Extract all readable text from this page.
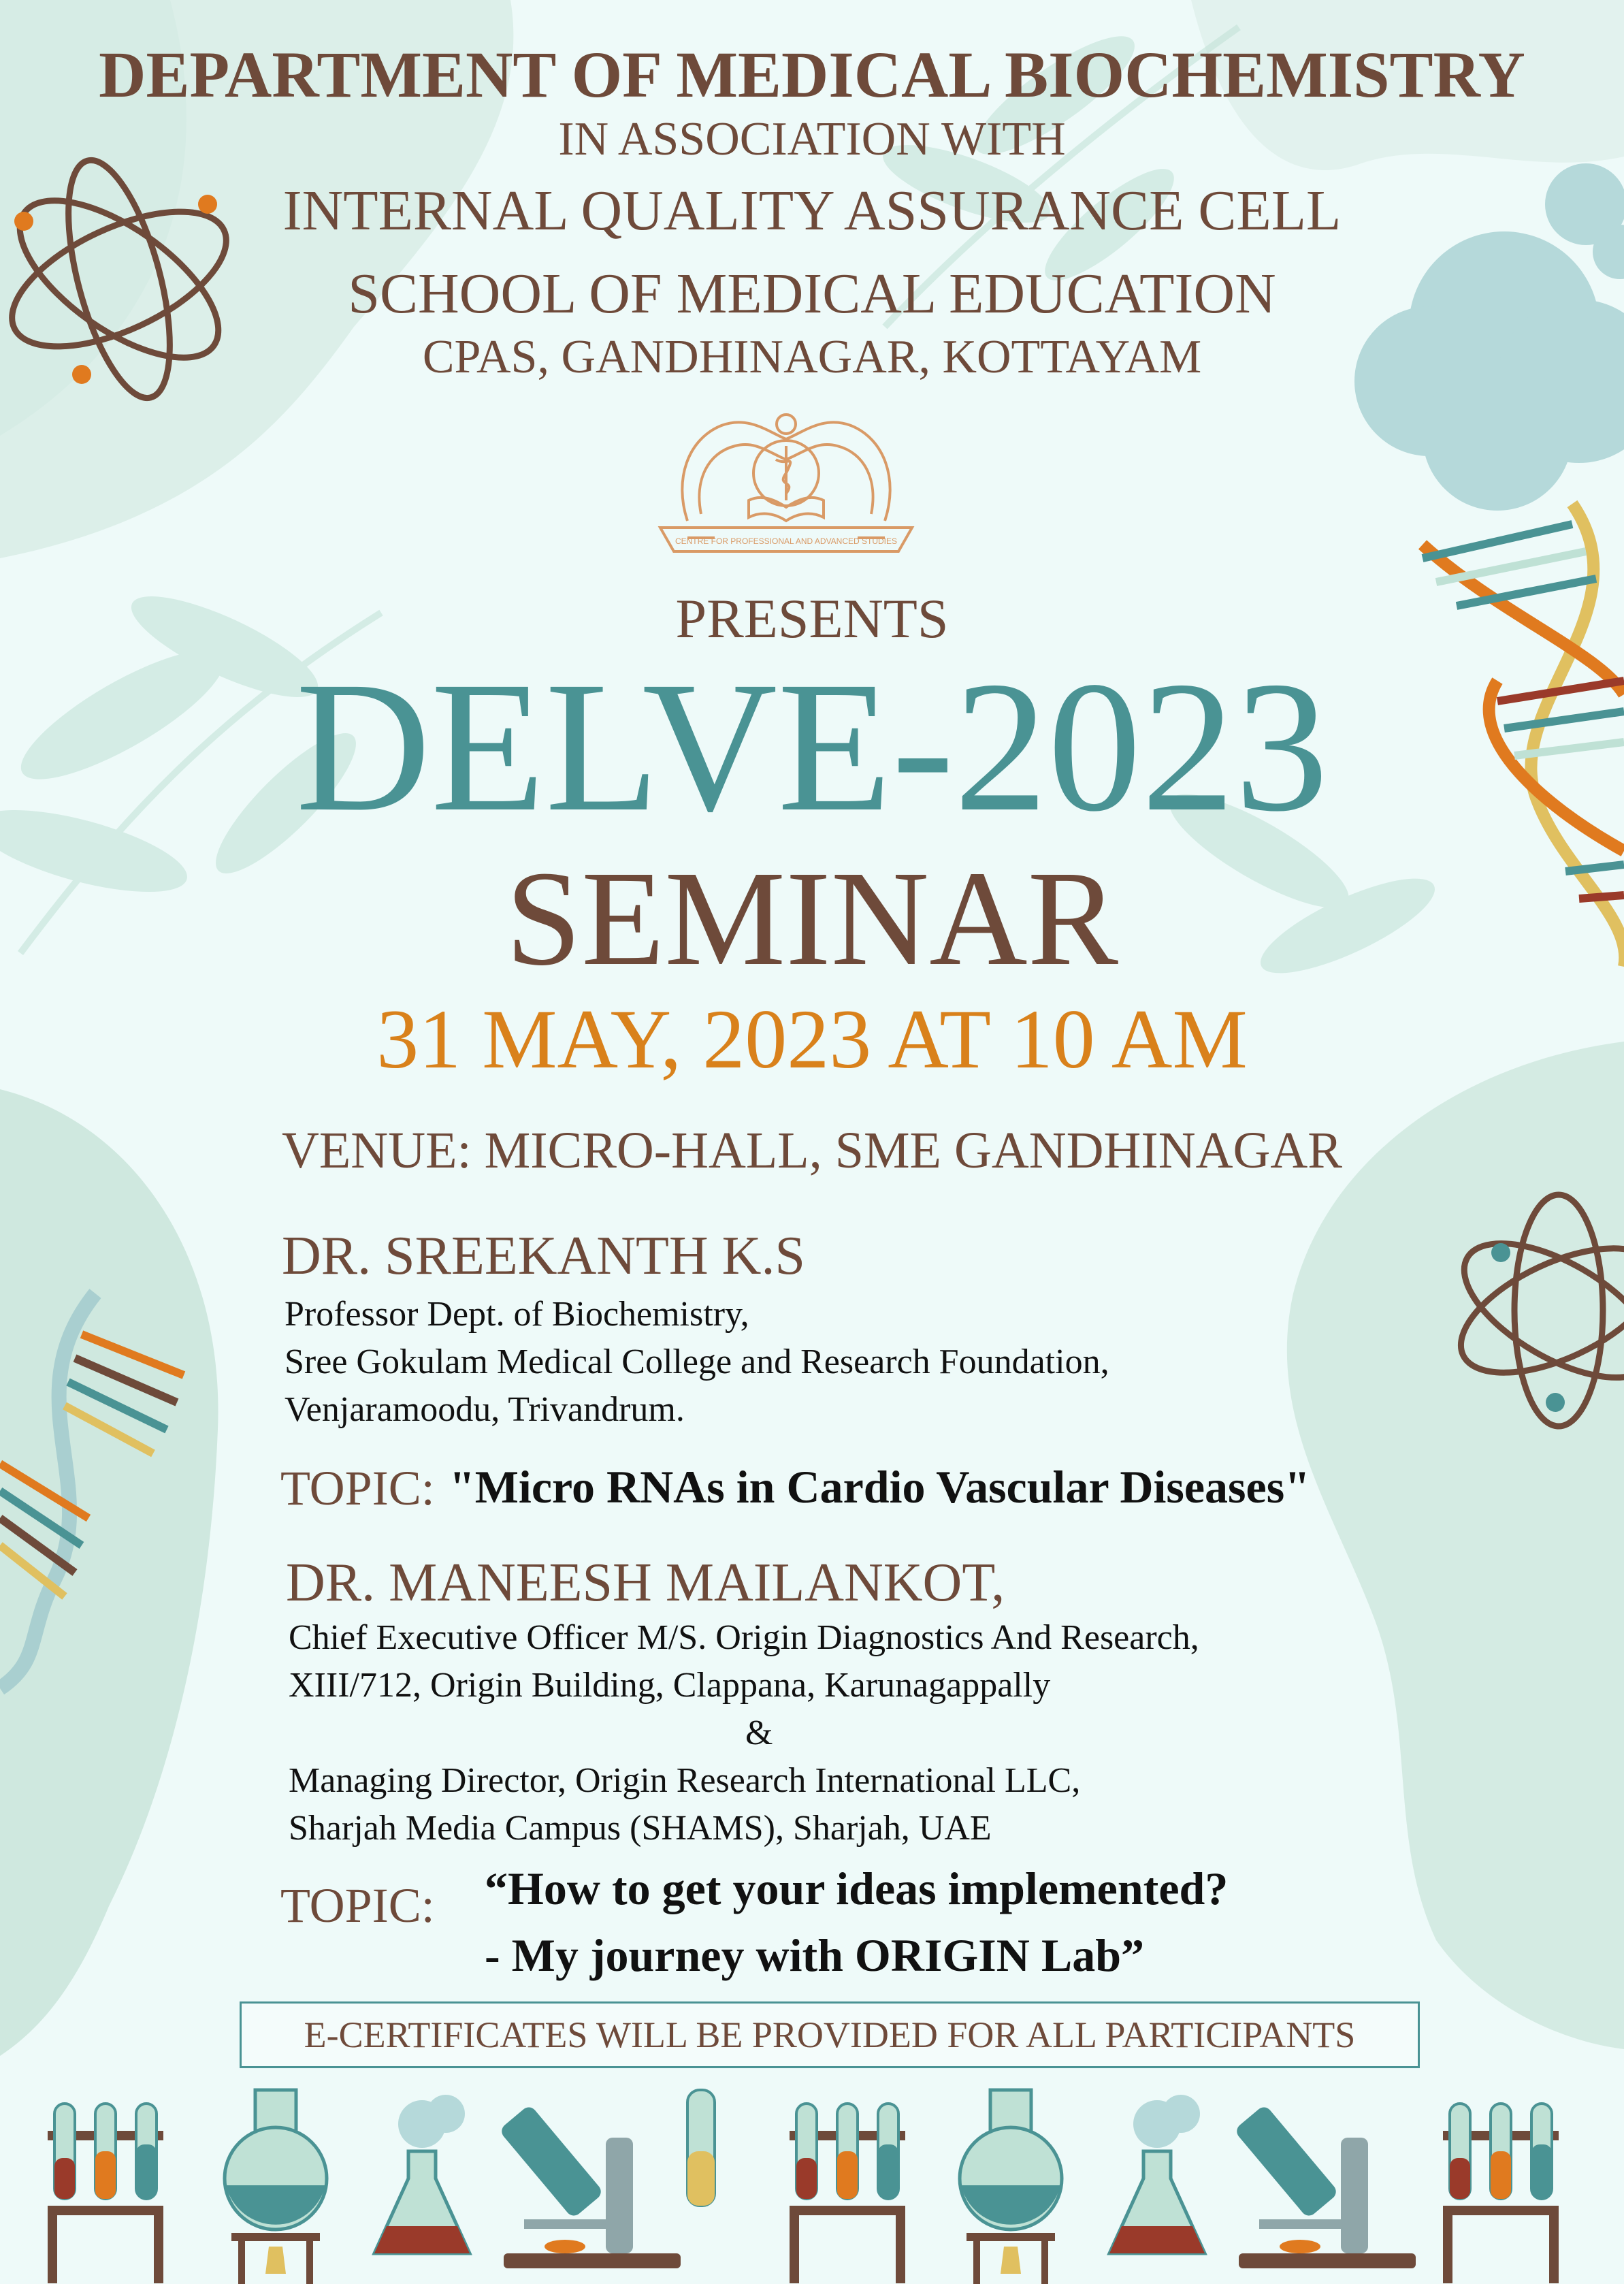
DEPARTMENT OF MEDICAL BIOCHEMISTRY
IN ASSOCIATION WITH
INTERNAL QUALITY ASSURANCE CELL
SCHOOL OF MEDICAL EDUCATION
CPAS, GANDHINAGAR, KOTTAYAM
CENTRE FOR PROFESSIONAL AND ADVANCED STUDIES
PRESENTS
DELVE-2023
SEMINAR
31 MAY, 2023 AT 10 AM
VENUE: MICRO-HALL, SME GANDHINAGAR
DR. SREEKANTH K.S
Professor Dept. of Biochemistry,
Sree Gokulam Medical College and Research Foundation,
Venjaramoodu, Trivandrum.
TOPIC: "Micro RNAs in Cardio Vascular Diseases"
DR. MANEESH MAILANKOT,
Chief Executive Officer M/S. Origin Diagnostics And Research,
XIII/712, Origin Building, Clappana, Karunagappally
&
Managing Director, Origin Research International LLC,
Sharjah Media Campus (SHAMS), Sharjah, UAE
TOPIC: “How to get your ideas implemented?
- My journey with ORIGIN Lab”
E-CERTIFICATES WILL BE PROVIDED FOR ALL PARTICIPANTS
